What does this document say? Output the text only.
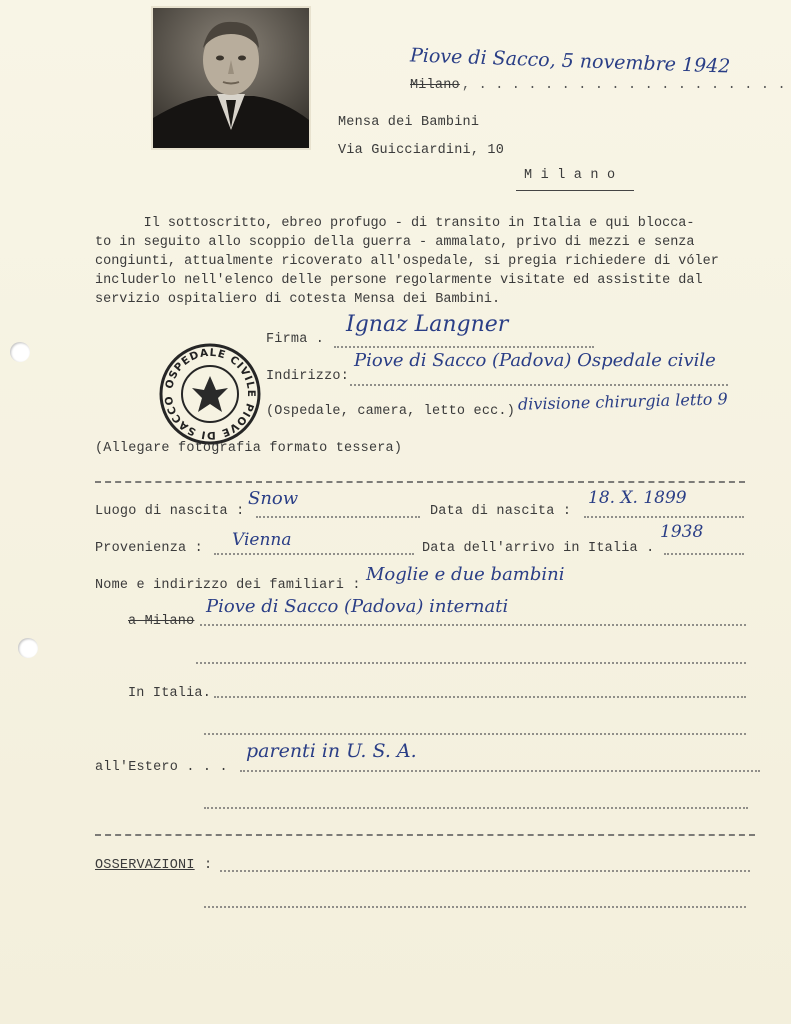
Piove di Sacco, 5 novembre 1942
Milano , . . . . . . . . . . . . . . . . . . .
Mensa dei Bambini
Via Guicciardini, 10
M i l a n o
Il sottoscritto, ebreo profugo - di transito in Italia e qui blocca-
to in seguito allo scoppio della guerra - ammalato, privo di mezzi e senza
congiunti, attualmente ricoverato all'ospedale, si pregia richiedere di vóler
includerlo nell'elenco delle persone regolarmente visitate ed assistite dal
servizio ospitaliero di cotesta Mensa dei Bambini.
Firma .
Ignaz Langner
OSPEDALE CIVILE PIOVE DI SACCO
Indirizzo:
Piove di Sacco (Padova) Ospedale civile
(Ospedale, camera, letto ecc.) divisione chirurgia letto 9
(Allegare fotografia formato tessera)
Luogo di nascita :
Snow
Data di nascita :
18. X. 1899
Provenienza : Vienna	Data dell'arrivo in Italia .
1938
Nome e indirizzo dei familiari :
Moglie e due bambini
a Milano
Piove di Sacco (Padova) internati
In Italia.
all'Estero . . .
parenti in U. S. A.
OSSERVAZIONI :
